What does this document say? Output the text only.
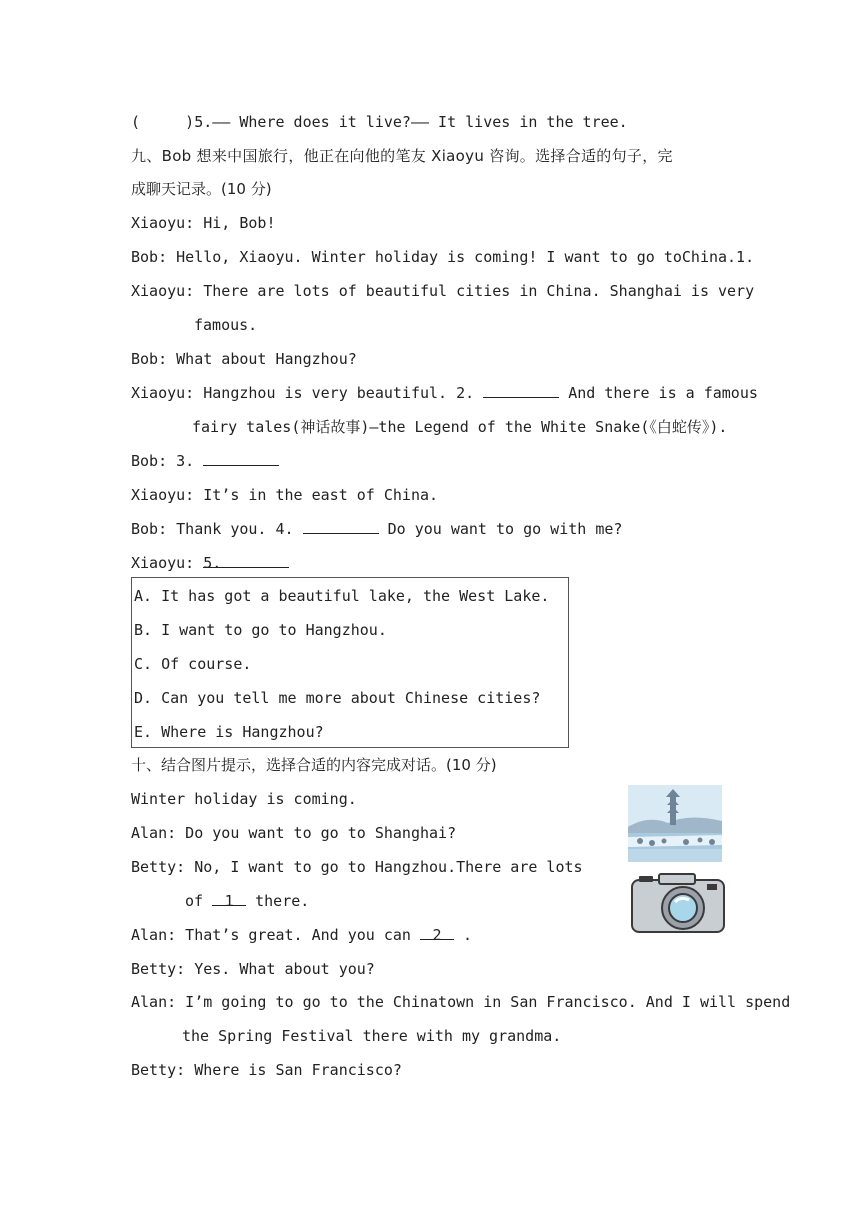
(     )5.—— Where does it live?—— It lives in the tree.
九、Bob 想来中国旅行，他正在向他的笔友 Xiaoyu 咨询。选择合适的句子，完
成聊天记录。(10 分)
Xiaoyu: Hi, Bob!
Bob: Hello, Xiaoyu. Winter holiday is coming! I want to go toChina.1.
Xiaoyu: There are lots of beautiful cities in China. Shanghai is very
famous.
Bob: What about Hangzhou?
Xiaoyu: Hangzhou is very beautiful. 2.	And there is a famous
fairy tales(神话故事)—the Legend of the White Snake(《白蛇传》).
Bob: 3.
Xiaoyu: It’s in the east of China.
Bob: Thank you. 4.	Do you want to go with me?
Xiaoyu: 5.
A. It has got a beautiful lake, the West Lake.
B. I want to go to Hangzhou.
C. Of course.
D. Can you tell me more about Chinese cities?
E. Where is Hangzhou?
十、结合图片提示，选择合适的内容完成对话。(10 分)
Winter holiday is coming.
Alan: Do you want to go to Shanghai?
Betty: No, I want to go to Hangzhou.There are lots
of 1 there.
Alan: That’s great. And you can 2 .
Betty: Yes. What about you?
Alan: I’m going to go to the Chinatown in San Francisco. And I will spend
the Spring Festival there with my grandma.
Betty: Where is San Francisco?
